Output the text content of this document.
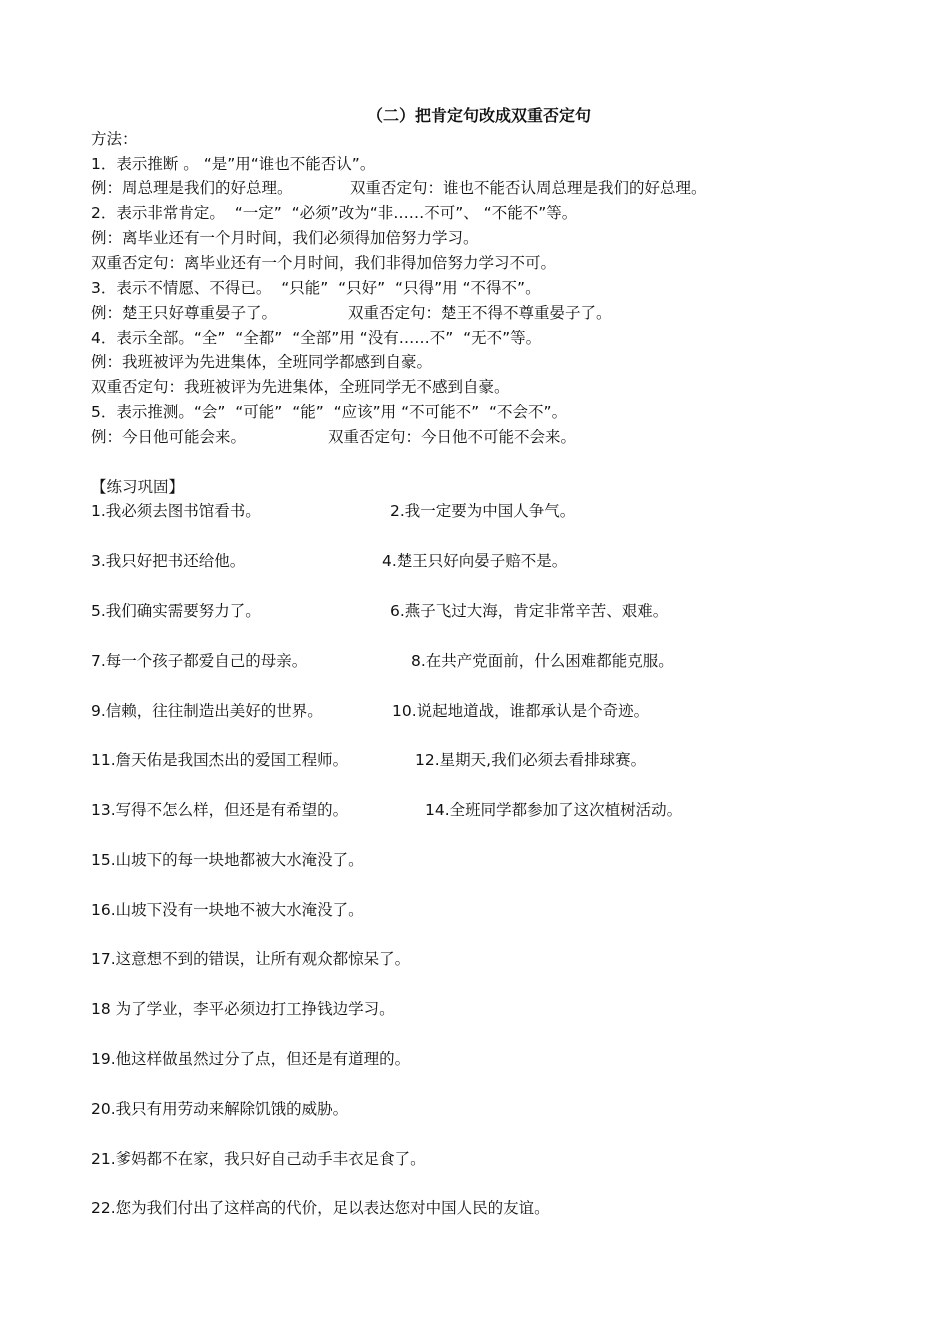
（二）把肯定句改成双重否定句
方法：
1．表示推断 。 “是”用“谁也不能否认”。
例：周总理是我们的好总理。	双重否定句：谁也不能否认周总理是我们的好总理。
2．表示非常肯定。  “一定”  “必须”改为“非……不可”、 “不能不”等。
例：离毕业还有一个月时间，我们必须得加倍努力学习。
双重否定句：离毕业还有一个月时间，我们非得加倍努力学习不可。
3．表示不情愿、不得已。  “只能”  “只好”  “只得”用 “不得不”。
例：楚王只好尊重晏子了。	双重否定句：楚王不得不尊重晏子了。
4．表示全部。“全”  “全都”  “全部”用 “没有……不”  “无不”等。
例：我班被评为先进集体，全班同学都感到自豪。
双重否定句：我班被评为先进集体，全班同学无不感到自豪。
5．表示推测。“会”  “可能”  “能”  “应该”用 “不可能不”  “不会不”。
例：今日他可能会来。	双重否定句：今日他不可能不会来。
【练习巩固】
1.我必须去图书馆看书。	2.我一定要为中国人争气。
3.我只好把书还给他。	4.楚王只好向晏子赔不是。
5.我们确实需要努力了。	6.燕子飞过大海，肯定非常辛苦、艰难。
7.每一个孩子都爱自己的母亲。	8.在共产党面前，什么困难都能克服。
9.信赖，往往制造出美好的世界。	10.说起地道战，谁都承认是个奇迹。
11.詹天佑是我国杰出的爱国工程师。	12.星期天,我们必须去看排球赛。
13.写得不怎么样，但还是有希望的。	14.全班同学都参加了这次植树活动。
15.山坡下的每一块地都被大水淹没了。
16.山坡下没有一块地不被大水淹没了。
17.这意想不到的错误，让所有观众都惊呆了。
18 为了学业，李平必须边打工挣钱边学习。
19.他这样做虽然过分了点，但还是有道理的。
20.我只有用劳动来解除饥饿的威胁。
21.爹妈都不在家，我只好自己动手丰衣足食了。
22.您为我们付出了这样高的代价，足以表达您对中国人民的友谊。
